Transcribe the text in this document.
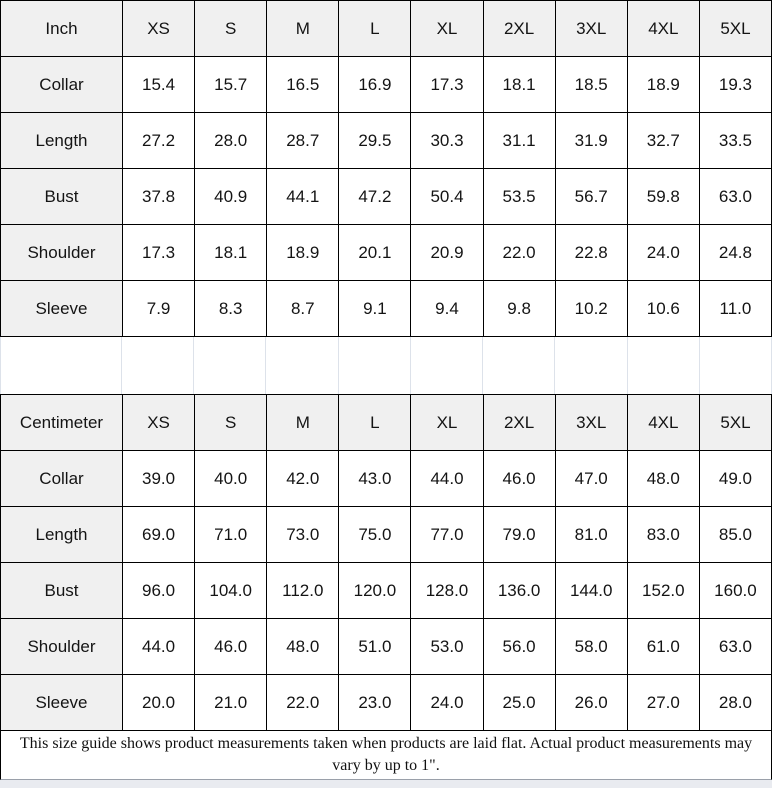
Inch	XS	S	M	L	XL	2XL	3XL	4XL	5XL
Collar	15.4	15.7	16.5	16.9	17.3	18.1	18.5	18.9	19.3
Length	27.2	28.0	28.7	29.5	30.3	31.1	31.9	32.7	33.5
Bust	37.8	40.9	44.1	47.2	50.4	53.5	56.7	59.8	63.0
Shoulder	17.3	18.1	18.9	20.1	20.9	22.0	22.8	24.0	24.8
Sleeve	7.9	8.3	8.7	9.1	9.4	9.8	10.2	10.6	11.0
Centimeter	XS	S	M	L	XL	2XL	3XL	4XL	5XL
Collar	39.0	40.0	42.0	43.0	44.0	46.0	47.0	48.0	49.0
Length	69.0	71.0	73.0	75.0	77.0	79.0	81.0	83.0	85.0
Bust	96.0	104.0	112.0	120.0	128.0	136.0	144.0	152.0	160.0
Shoulder	44.0	46.0	48.0	51.0	53.0	56.0	58.0	61.0	63.0
Sleeve	20.0	21.0	22.0	23.0	24.0	25.0	26.0	27.0	28.0

This size guide shows product measurements taken when products are laid flat. Actual product measurements may vary by up to 1".
